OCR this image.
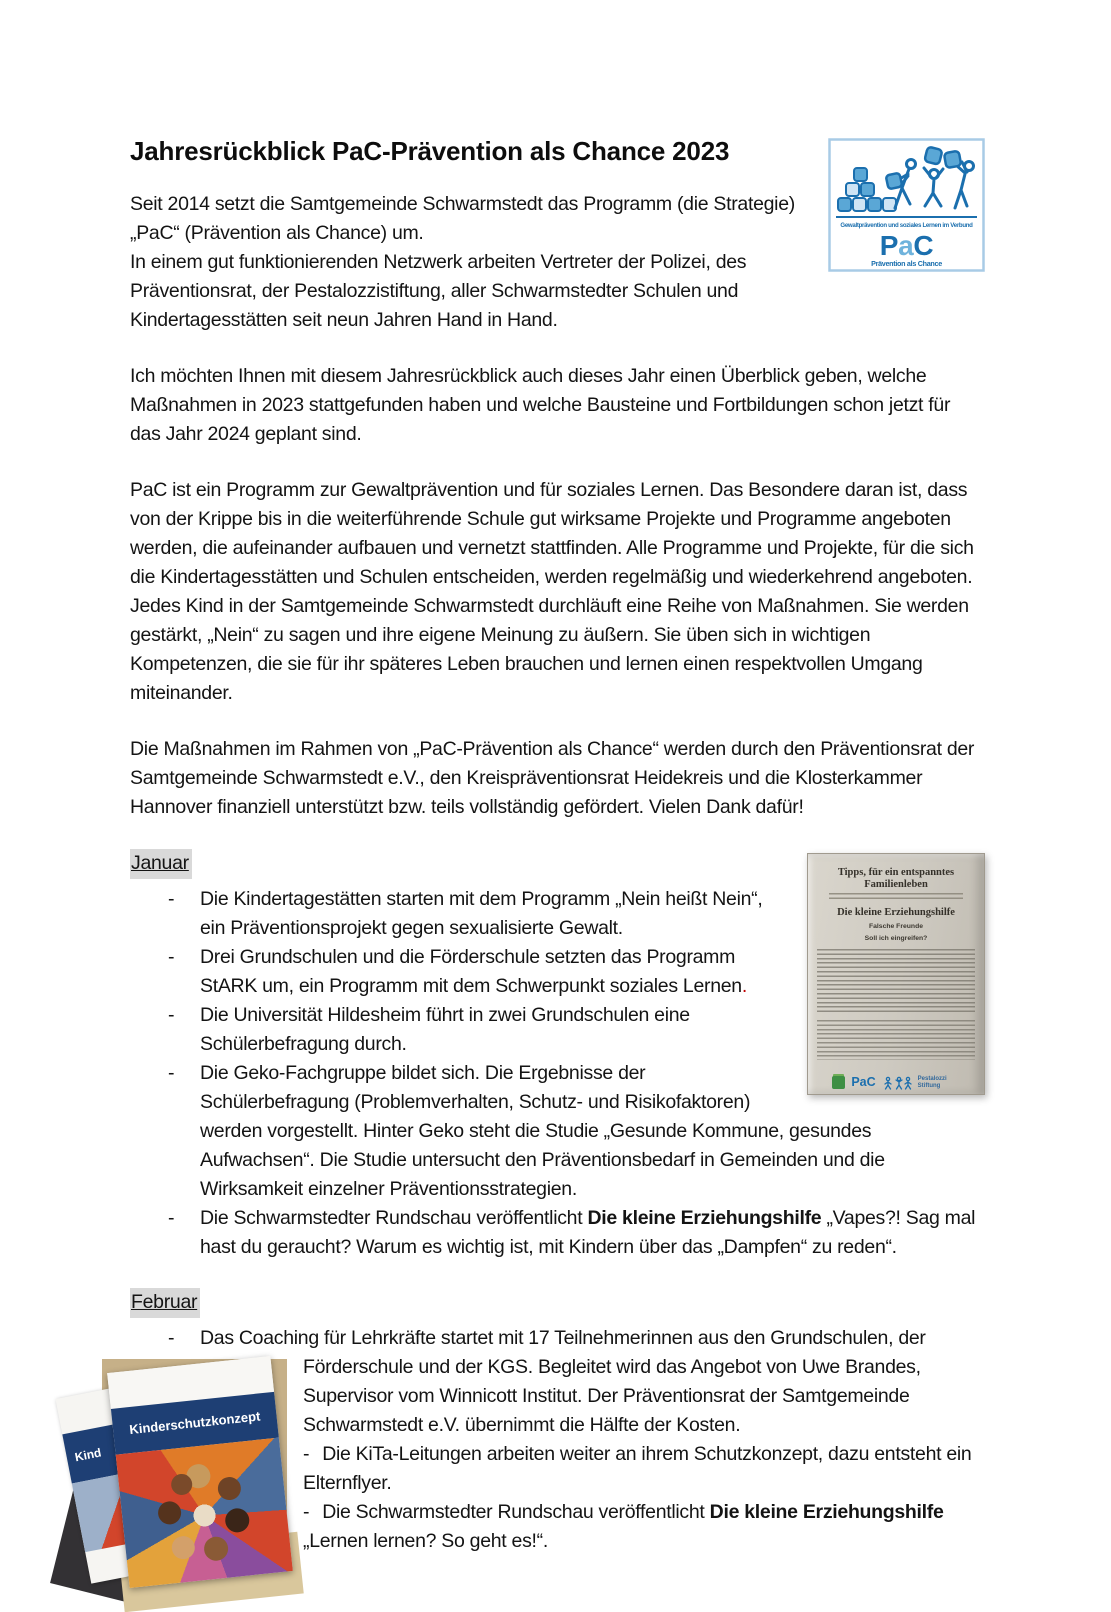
Gewaltprävention und soziales Lernen im Verbund
PaC
Prävention als Chance
Jahresrückblick PaC-Prävention als Chance 2023
Seit 2014 setzt die Samtgemeinde Schwarmstedt das Programm (die Strategie) „PaC“ (Prävention als Chance) um.
In einem gut funktionierenden Netzwerk arbeiten Vertreter der Polizei, des Präventionsrat, der Pestalozzistiftung, aller Schwarmstedter Schulen und Kindertagesstätten seit neun Jahren Hand in Hand.
Ich möchten Ihnen mit diesem Jahresrückblick auch dieses Jahr einen Überblick geben, welche Maßnahmen in 2023 stattgefunden haben und welche Bausteine und Fortbildungen schon jetzt für das Jahr 2024 geplant sind.
PaC ist ein Programm zur Gewaltprävention und für soziales Lernen. Das Besondere daran ist, dass von der Krippe bis in die weiterführende Schule gut wirksame Projekte und Programme angeboten werden, die aufeinander aufbauen und vernetzt stattfinden. Alle Programme und Projekte, für die sich die Kindertagesstätten und Schulen entscheiden, werden regelmäßig und wiederkehrend angeboten. Jedes Kind in der Samtgemeinde Schwarmstedt durchläuft eine Reihe von Maßnahmen. Sie werden gestärkt, „Nein“ zu sagen und ihre eigene Meinung zu äußern. Sie üben sich in wichtigen Kompetenzen, die sie für ihr späteres Leben brauchen und lernen einen respektvollen Umgang miteinander.
Die Maßnahmen im Rahmen von „PaC-Prävention als Chance“ werden durch den Präventionsrat der Samtgemeinde Schwarmstedt e.V., den Kreispräventionsrat Heidekreis und die Klosterkammer Hannover finanziell unterstützt bzw. teils vollständig gefördert. Vielen Dank dafür!
Tipps, für ein entspanntes Familienleben
Die kleine Erziehungshilfe
Falsche Freunde
Soll ich eingreifen?
PaC	Pestalozzi Stiftung
Januar
- Die Kindertagestätten starten mit dem Programm „Nein heißt Nein“, ein Präventionsprojekt gegen sexualisierte Gewalt.
- Drei Grundschulen und die Förderschule setzten das Programm StARK um, ein Programm mit dem Schwerpunkt soziales Lernen.
- Die Universität Hildesheim führt in zwei Grundschulen eine Schülerbefragung durch.
- Die Geko-Fachgruppe bildet sich. Die Ergebnisse der Schülerbefragung (Problemverhalten, Schutz- und Risikofaktoren) werden vorgestellt. Hinter Geko steht die Studie „Gesunde Kommune, gesundes Aufwachsen“. Die Studie untersucht den Präventionsbedarf in Gemeinden und die Wirksamkeit einzelner Präventionsstrategien.
- Die Schwarmstedter Rundschau veröffentlicht Die kleine Erziehungshilfe „Vapes?! Sag mal hast du geraucht? Warum es wichtig ist, mit Kindern über das „Dampfen“ zu reden“.
Februar
- Das Coaching für Lehrkräfte startet mit 17 Teilnehmerinnen aus den Grundschulen, der
Kind
Kinderschutzkonzept
Förderschule und der KGS. Begleitet wird das Angebot von Uwe Brandes, Supervisor vom Winnicott Institut. Der Präventionsrat der Samtgemeinde Schwarmstedt e.V. übernimmt die Hälfte der Kosten.
- Die KiTa-Leitungen arbeiten weiter an ihrem Schutzkonzept, dazu entsteht ein Elternflyer.
- Die Schwarmstedter Rundschau veröffentlicht Die kleine Erziehungshilfe „Lernen lernen? So geht es!“.
